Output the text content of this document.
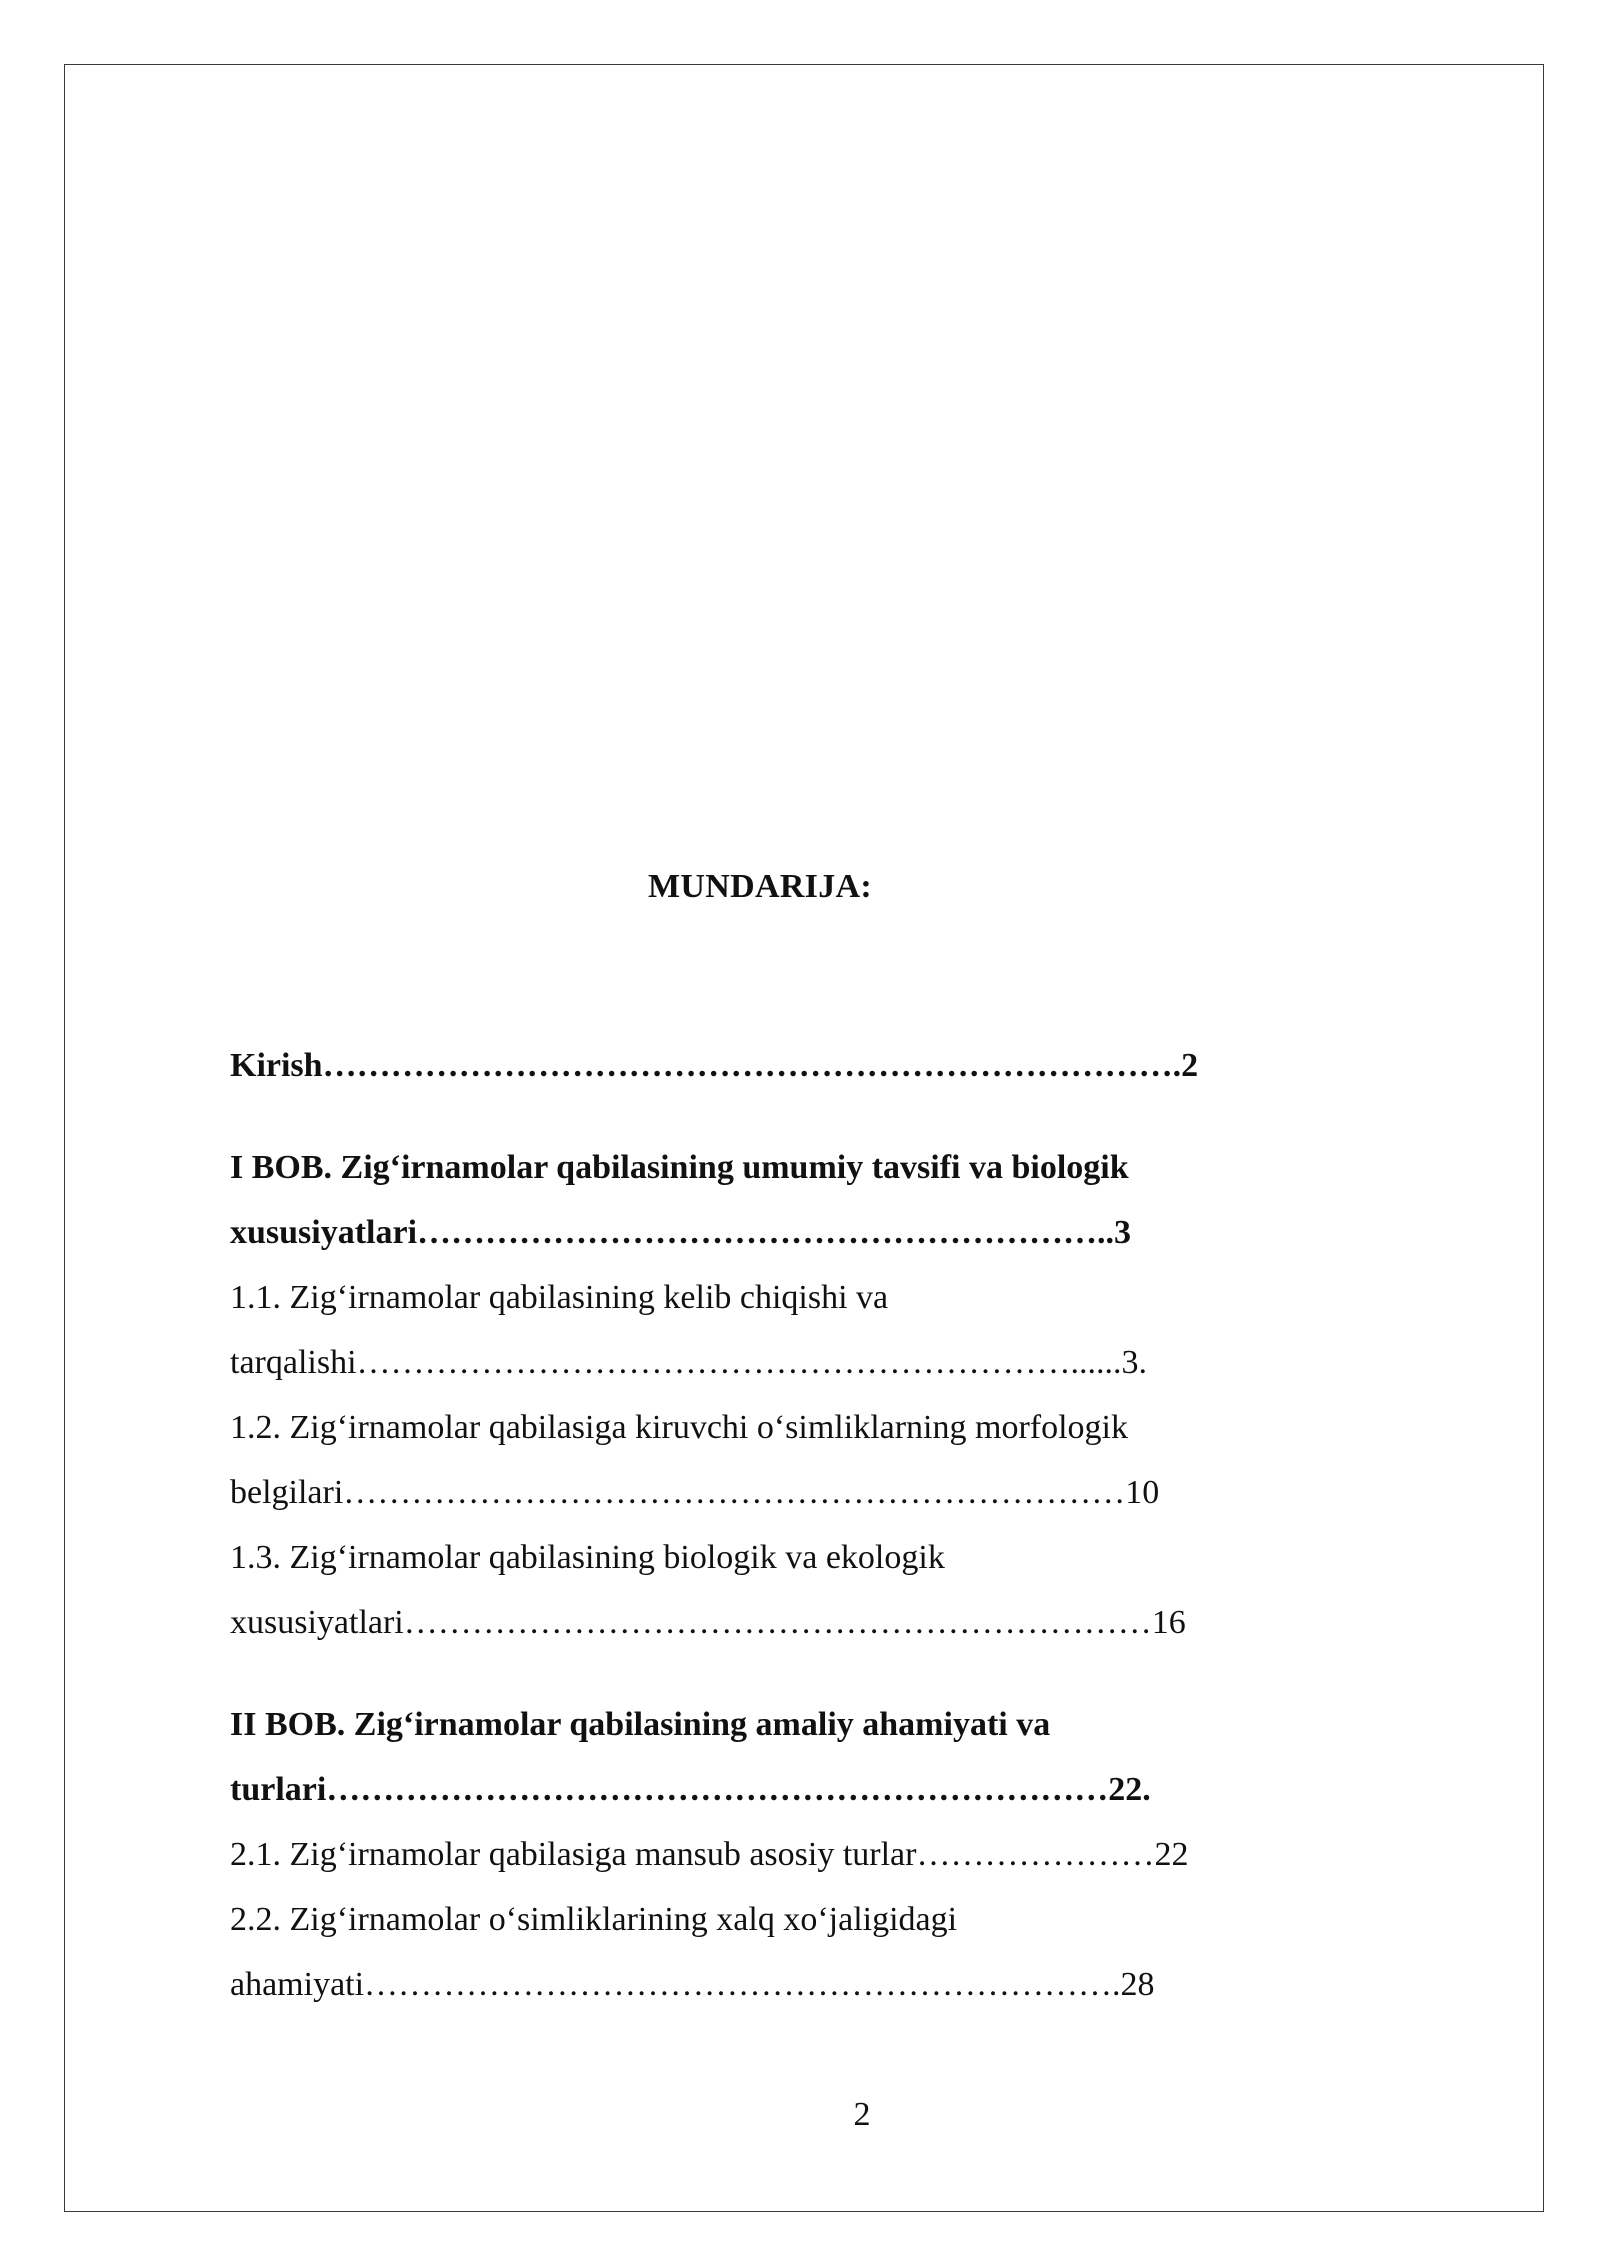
MUNDARIJA:
Kirish………………………………………………………………….2
I BOB. Zig‘irnamolar qabilasining umumiy tavsifi va biologik
xususiyatlari……………………………………………………..3
1.1. Zig‘irnamolar qabilasining kelib chiqishi va
tarqalishi………………………………………………………......3.
1.2. Zig‘irnamolar qabilasiga kiruvchi o‘simliklarning morfologik
belgilari……………………………………………………………10
1.3. Zig‘irnamolar qabilasining biologik va ekologik
xususiyatlari…………………………………………………………16
II BOB. Zig‘irnamolar qabilasining amaliy ahamiyati va
turlari……………………………………………………………22.
2.1. Zig‘irnamolar qabilasiga mansub asosiy turlar…………………22
2.2. Zig‘irnamolar o‘simliklarining xalq xo‘jaligidagi
ahamiyati………………………………………………………….28
2
